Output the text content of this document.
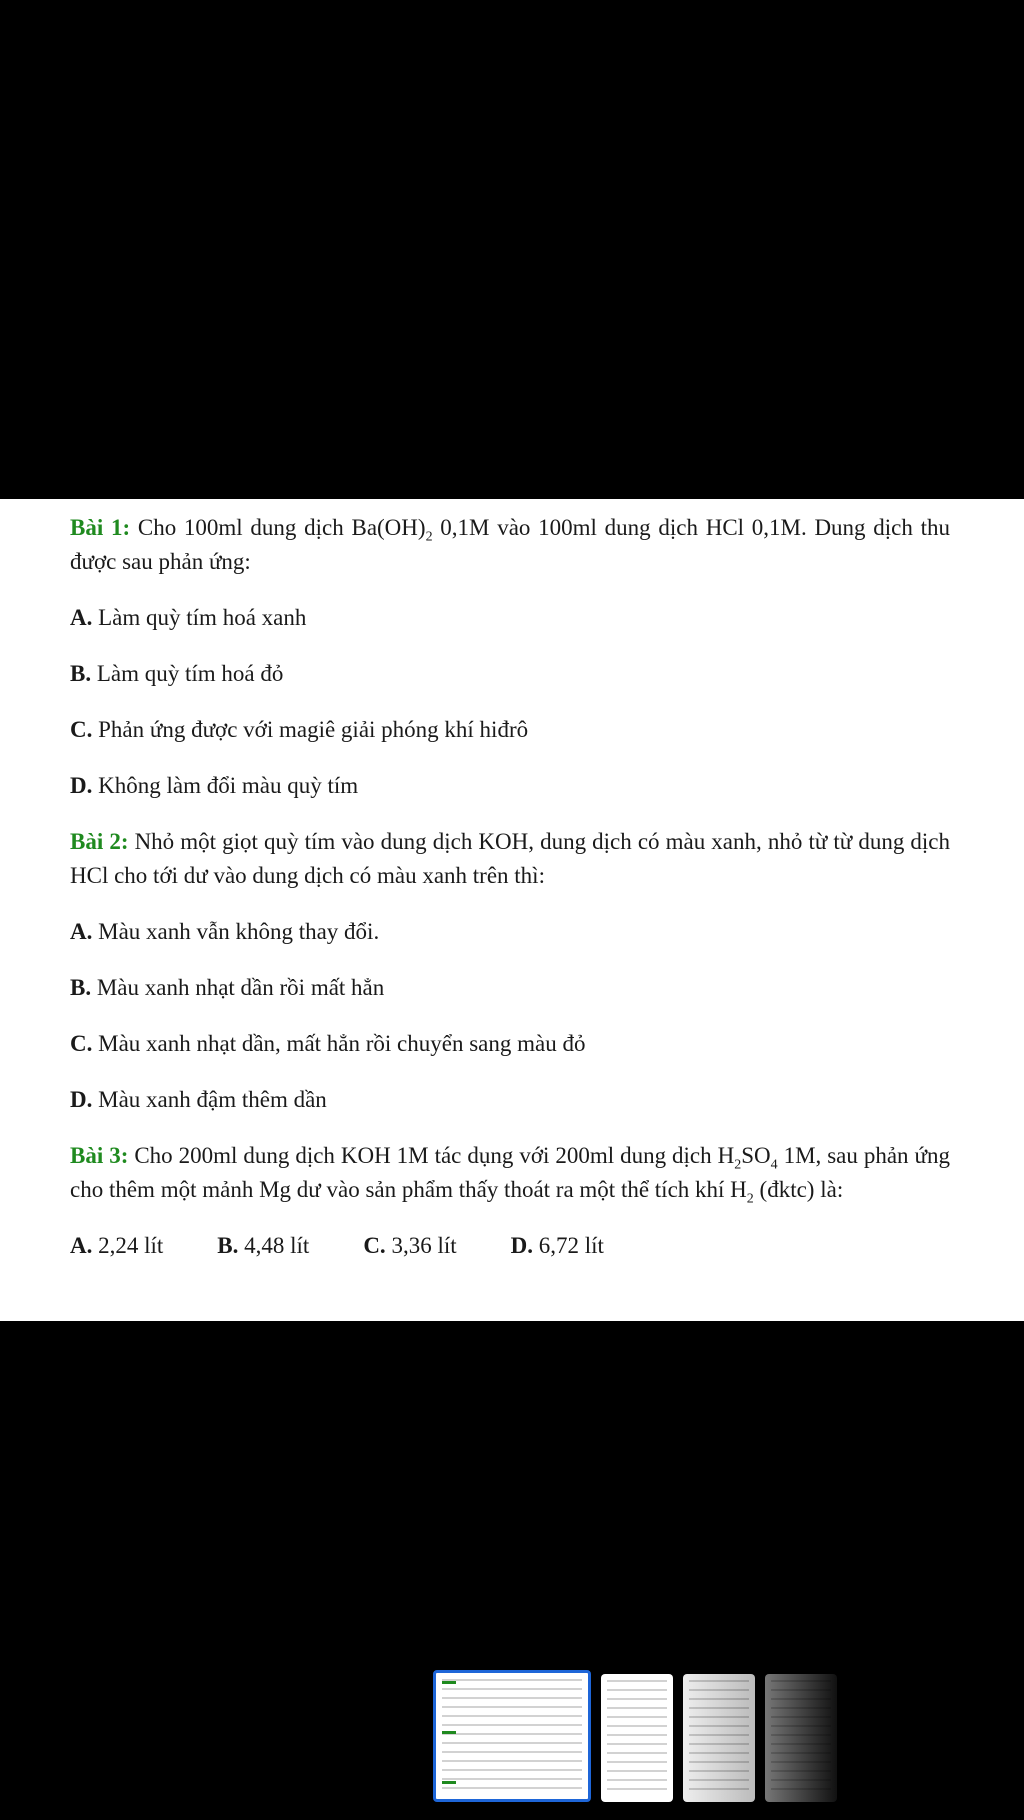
Bài 1: Cho 100ml dung dịch $Ba(OH)_2$ 0,1M vào 100ml dung dịch HCl 0,1M. Dung dịch thu được sau phản ứng:

A. Làm quỳ tím hoá xanh

B. Làm quỳ tím hoá đỏ

C. Phản ứng được với magiê giải phóng khí hiđrô

D. Không làm đổi màu quỳ tím

Bài 2: Nhỏ một giọt quỳ tím vào dung dịch KOH, dung dịch có màu xanh, nhỏ từ từ dung dịch HCl cho tới dư vào dung dịch có màu xanh trên thì:

A. Màu xanh vẫn không thay đổi.

B. Màu xanh nhạt dần rồi mất hẳn

C. Màu xanh nhạt dần, mất hẳn rồi chuyển sang màu đỏ

D. Màu xanh đậm thêm dần

Bài 3: Cho 200ml dung dịch KOH 1M tác dụng với 200ml dung dịch $H_2SO_4$ 1M, sau phản ứng cho thêm một mảnh Mg dư vào sản phẩm thấy thoát ra một thể tích khí $H_2$ (đktc) là:

A. 2,24 lít B. 4,48 lít C. 3,36 lít D. 6,72 lít
